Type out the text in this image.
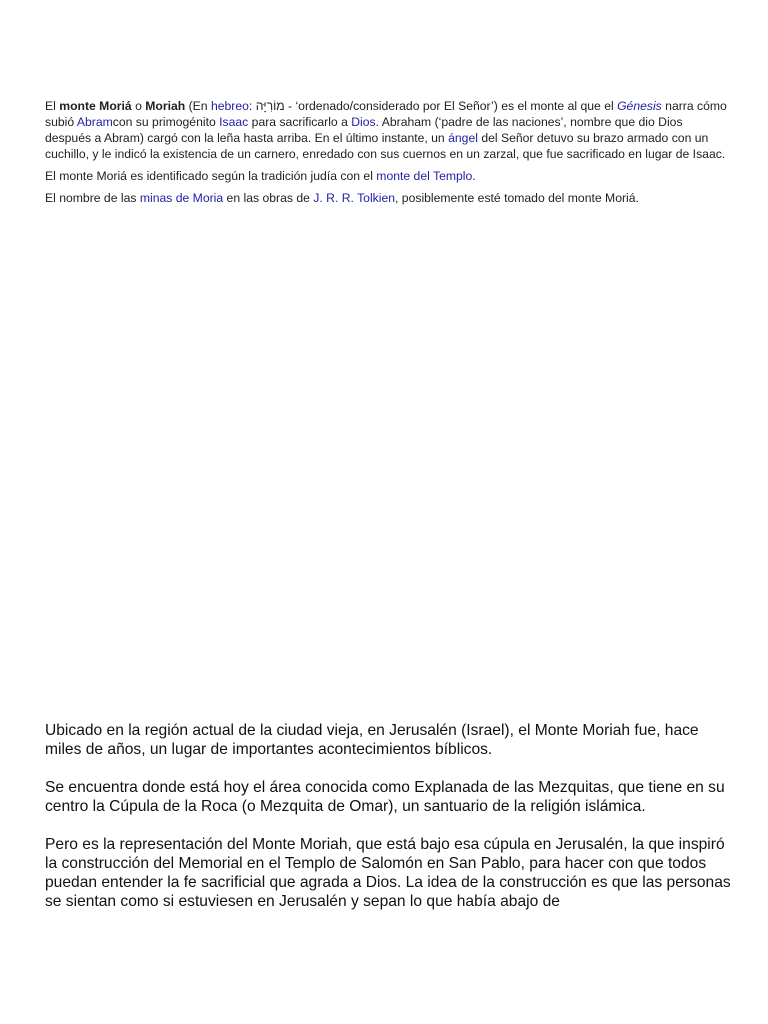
El monte Moriá o Moriah (En hebreo: מוֹרִיָּה - ‘ordenado/considerado por El Señor’) es el monte al que el Génesis narra cómo subió Abramcon su primogénito Isaac para sacrificarlo a Dios. Abraham (‘padre de las naciones’, nombre que dio Dios después a Abram) cargó con la leña hasta arriba. En el último instante, un ángel del Señor detuvo su brazo armado con un cuchillo, y le indicó la existencia de un carnero, enredado con sus cuernos en un zarzal, que fue sacrificado en lugar de Isaac.

El monte Moriá es identificado según la tradición judía con el monte del Templo.

El nombre de las minas de Moria en las obras de J. R. R. Tolkien, posiblemente esté tomado del monte Moriá.

Ubicado en la región actual de la ciudad vieja, en Jerusalén (Israel), el Monte Moriah fue, hace miles de años, un lugar de importantes acontecimientos bíblicos.

Se encuentra donde está hoy el área conocida como Explanada de las Mezquitas, que tiene en su centro la Cúpula de la Roca (o Mezquita de Omar), un santuario de la religión islámica.

Pero es la representación del Monte Moriah, que está bajo esa cúpula en Jerusalén, la que inspiró la construcción del Memorial en el Templo de Salomón en San Pablo, para hacer con que todos puedan entender la fe sacrificial que agrada a Dios. La idea de la construcción es que las personas se sientan como si estuviesen en Jerusalén y sepan lo que había abajo de
